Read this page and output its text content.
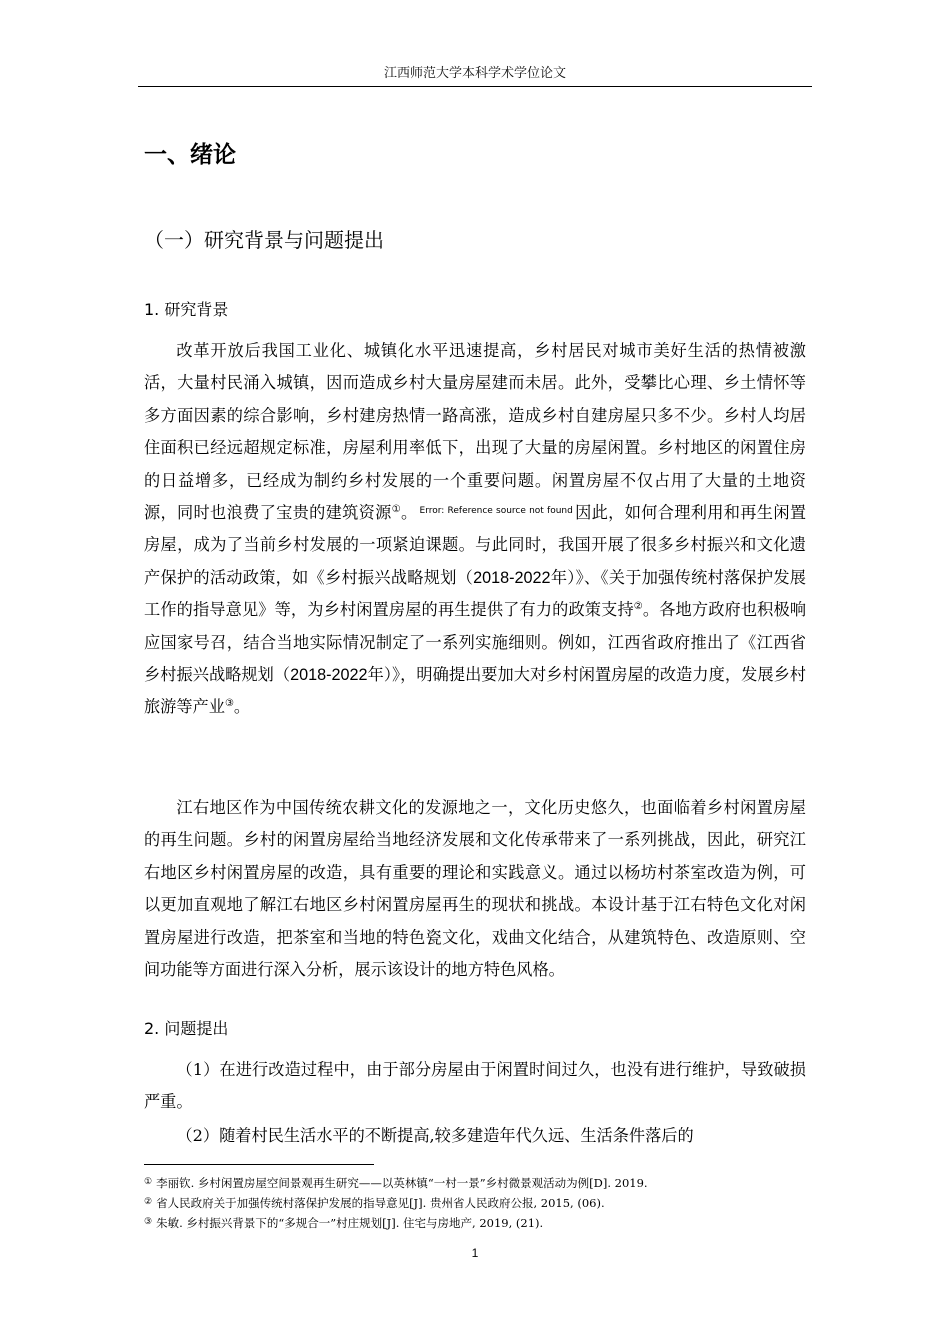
江西师范大学本科学术学位论文
一、绪论
（一）研究背景与问题提出
1. 研究背景

改革开放后我国工业化、城镇化水平迅速提高，乡村居民对城市美好生活的热情被激活，大量村民涌入城镇，因而造成乡村大量房屋建而未居。此外，受攀比心理、乡土情怀等多方面因素的综合影响，乡村建房热情一路高涨，造成乡村自建房屋只多不少。乡村人均居住面积已经远超规定标准，房屋利用率低下，出现了大量的房屋闲置。乡村地区的闲置住房的日益增多，已经成为制约乡村发展的一个重要问题。闲置房屋不仅占用了大量的土地资源，同时也浪费了宝贵的建筑资源①。 $^{Error: Reference source not found}$ 因此，如何合理利用和再生闲置房屋，成为了当前乡村发展的一项紧迫课题。与此同时，我国开展了很多乡村振兴和文化遗产保护的活动政策，如《乡村振兴战略规划（2018-2022年）》、《关于加强传统村落保护发展工作的指导意见》等，为乡村闲置房屋的再生提供了有力的政策支持②。各地方政府也积极响应国家号召，结合当地实际情况制定了一系列实施细则。例如，江西省政府推出了《江西省乡村振兴战略规划（2018-2022年）》，明确提出要加大对乡村闲置房屋的改造力度，发展乡村旅游等产业③。

江右地区作为中国传统农耕文化的发源地之一，文化历史悠久，也面临着乡村闲置房屋的再生问题。乡村的闲置房屋给当地经济发展和文化传承带来了一系列挑战，因此，研究江右地区乡村闲置房屋的改造，具有重要的理论和实践意义。通过以杨坊村茶室改造为例，可以更加直观地了解江右地区乡村闲置房屋再生的现状和挑战。本设计基于江右特色文化对闲置房屋进行改造，把茶室和当地的特色瓷文化，戏曲文化结合，从建筑特色、改造原则、空间功能等方面进行深入分析，展示该设计的地方特色风格。

2. 问题提出

（1）在进行改造过程中，由于部分房屋由于闲置时间过久，也没有进行维护，导致破损严重。

（2）随着村民生活水平的不断提高,较多建造年代久远、生活条件落后的

① 李丽钦. 乡村闲置房屋空间景观再生研究——以英林镇“一村一景”乡村微景观活动为例[D]. 2019.
② 省人民政府关于加强传统村落保护发展的指导意见[J]. 贵州省人民政府公报, 2015, (06).
③ 朱敏. 乡村振兴背景下的“多规合一”村庄规划[J]. 住宅与房地产, 2019, (21).
1
